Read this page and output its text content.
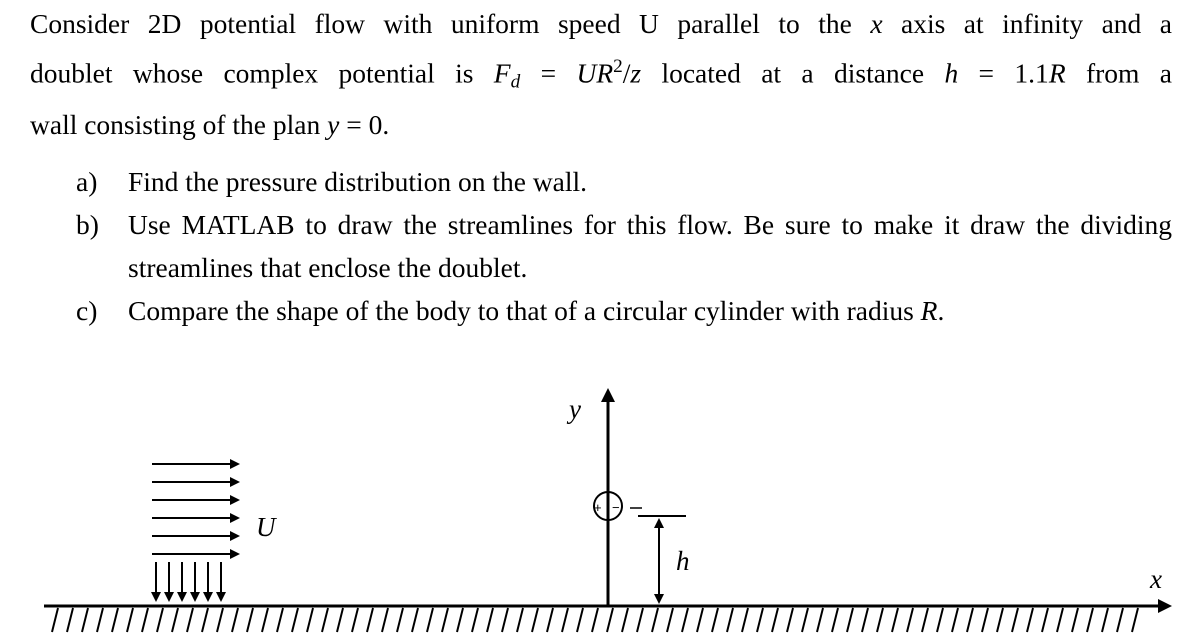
Consider 2D potential flow with uniform speed U parallel to the x axis at infinity and a
doublet whose complex potential is $F_d = UR^2/z$ located at a distance h = 1.1R from a
wall consisting of the plan y = 0.
a) Find the pressure distribution on the wall.
b) Use MATLAB to draw the streamlines for this flow. Be sure to make it draw the dividing streamlines that enclose the doublet.
c) Compare the shape of the body to that of a circular cylinder with radius R.
U
y
x
+ −
h
